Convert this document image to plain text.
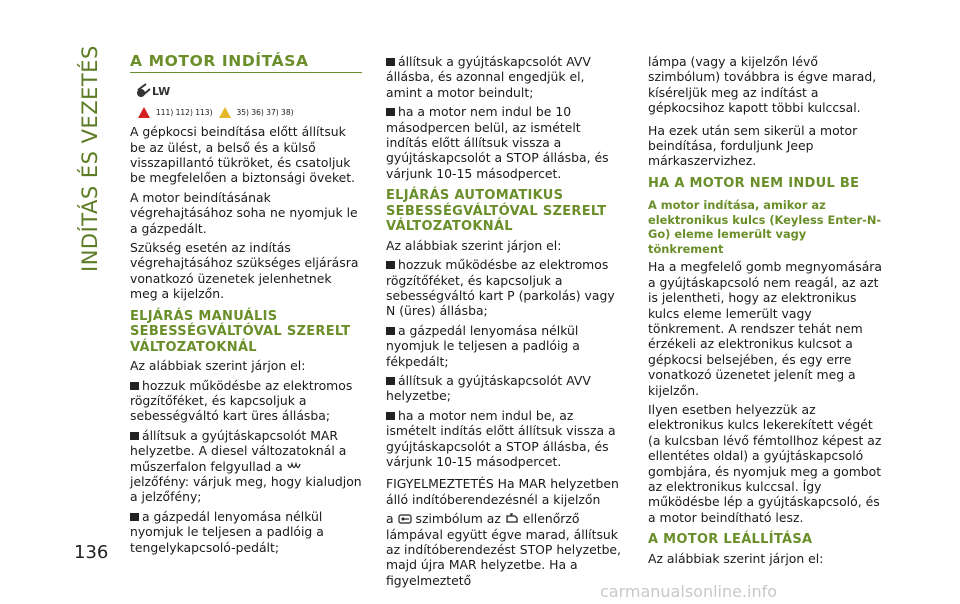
INDÍTÁS ÉS VEZETÉS
136
carmanualsonline.info
A MOTOR INDÍTÁSA
LW
111) 112) 113)	35) 36) 37) 38)

A gépkocsi beindítása előtt állítsuk be az ülést, a belső és a külső visszapillantó tükröket, és csatoljuk be megfelelően a biztonsági öveket.

A motor beindításának végrehajtásához soha ne nyomjuk le a gázpedált.

Szükség esetén az indítás végrehajtásához szükséges eljárásra vonatkozó üzenetek jelenhetnek meg a kijelzőn.

ELJÁRÁS MANUÁLIS SEBESSÉGVÁLTÓVAL SZERELT VÁLTOZATOKNÁL

Az alábbiak szerint járjon el:

hozzuk működésbe az elektromos rögzítőféket, és kapcsoljuk a sebességváltó kart üres állásba;

állítsuk a gyújtáskapcsolót MAR helyzetbe. A diesel változatoknál a műszerfalon felgyullad a  jelzőfény: várjuk meg, hogy kialudjon a jelzőfény;

a gázpedál lenyomása nélkül nyomjuk le teljesen a padlóig a tengelykapcsoló-pedált;

állítsuk a gyújtáskapcsolót AVV állásba, és azonnal engedjük el, amint a motor beindult;

ha a motor nem indul be 10 másodpercen belül, az ismételt indítás előtt állítsuk vissza a gyújtáskapcsolót a STOP állásba, és várjunk 10-15 másodpercet.

ELJÁRÁS AUTOMATIKUS SEBESSÉGVÁLTÓVAL SZERELT VÁLTOZATOKNÁL

Az alábbiak szerint járjon el:

hozzuk működésbe az elektromos rögzítőféket, és kapcsoljuk a sebességváltó kart P (parkolás) vagy N (üres) állásba;

a gázpedál lenyomása nélkül nyomjuk le teljesen a padlóig a fékpedált;

állítsuk a gyújtáskapcsolót AVV helyzetbe;

ha a motor nem indul be, az ismételt indítás előtt állítsuk vissza a gyújtáskapcsolót a STOP állásba, és várjunk 10-15 másodpercet.

FIGYELMEZTETÉS Ha MAR helyzetben álló indítóberendezésnél a kijelzőn

a szimbólum az ellenőrző lámpával együtt égve marad, állítsuk az indítóberendezést STOP helyzetbe, majd újra MAR helyzetbe. Ha a figyelmeztető

lámpa (vagy a kijelzőn lévő szimbólum) továbbra is égve marad, kíséreljük meg az indítást a gépkocsihoz kapott többi kulccsal.

Ha ezek után sem sikerül a motor beindítása, forduljunk Jeep márkaszervizhez.

HA A MOTOR NEM INDUL BE
A motor indítása, amikor az elektronikus kulcs (Keyless Enter-N-Go) eleme lemerült vagy tönkrement

Ha a megfelelő gomb megnyomására a gyújtáskapcsoló nem reagál, az azt is jelentheti, hogy az elektronikus kulcs eleme lemerült vagy tönkrement. A rendszer tehát nem érzékeli az elektronikus kulcsot a gépkocsi belsejében, és egy erre vonatkozó üzenetet jelenít meg a kijelzőn.

Ilyen esetben helyezzük az elektronikus kulcs lekerekített végét (a kulcsban lévő fémtollhoz képest az ellentétes oldal) a gyújtáskapcsoló gombjára, és nyomjuk meg a gombot az elektronikus kulccsal. Így működésbe lép a gyújtáskapcsoló, és a motor beindítható lesz.

A MOTOR LEÁLLÍTÁSA

Az alábbiak szerint járjon el:
